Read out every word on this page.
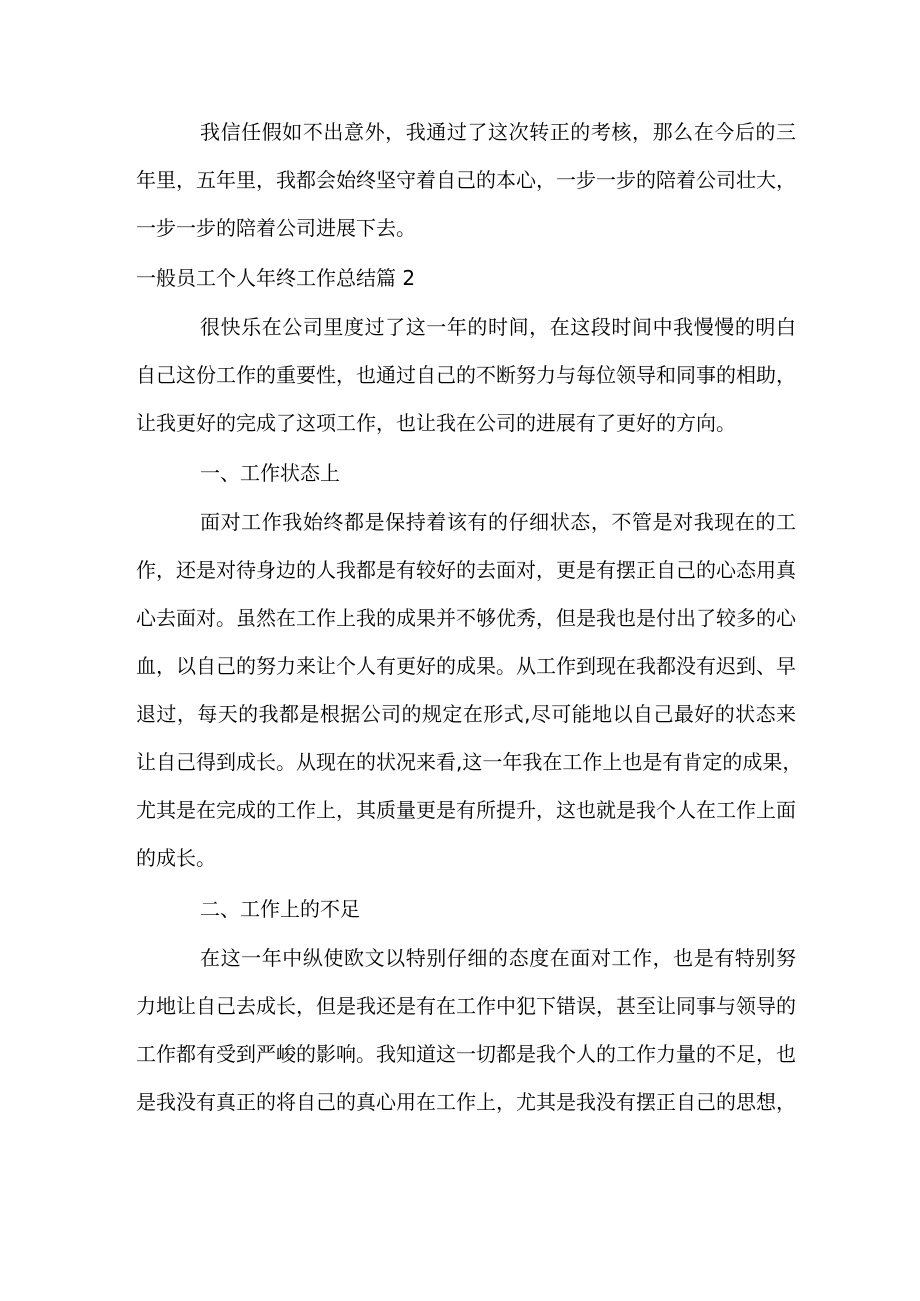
我信任假如不出意外，我通过了这次转正的考核，那么在今后的三
年里，五年里，我都会始终坚守着自己的本心，一步一步的陪着公司壮大，
一步一步的陪着公司进展下去。
一般员工个人年终工作总结篇 2
很快乐在公司里度过了这一年的时间，在这段时间中我慢慢的明白
自己这份工作的重要性，也通过自己的不断努力与每位领导和同事的相助，
让我更好的完成了这项工作，也让我在公司的进展有了更好的方向。
一、工作状态上
面对工作我始终都是保持着该有的仔细状态，不管是对我现在的工
作，还是对待身边的人我都是有较好的去面对，更是有摆正自己的心态用真
心去面对。虽然在工作上我的成果并不够优秀，但是我也是付出了较多的心
血，以自己的努力来让个人有更好的成果。从工作到现在我都没有迟到、早
退过，每天的我都是根据公司的规定在形式,尽可能地以自己最好的状态来
让自己得到成长。从现在的状况来看,这一年我在工作上也是有肯定的成果，
尤其是在完成的工作上，其质量更是有所提升，这也就是我个人在工作上面
的成长。
二、工作上的不足
在这一年中纵使欧文以特别仔细的态度在面对工作，也是有特别努
力地让自己去成长，但是我还是有在工作中犯下错误，甚至让同事与领导的
工作都有受到严峻的影响。我知道这一切都是我个人的工作力量的不足，也
是我没有真正的将自己的真心用在工作上，尤其是我没有摆正自己的思想，
